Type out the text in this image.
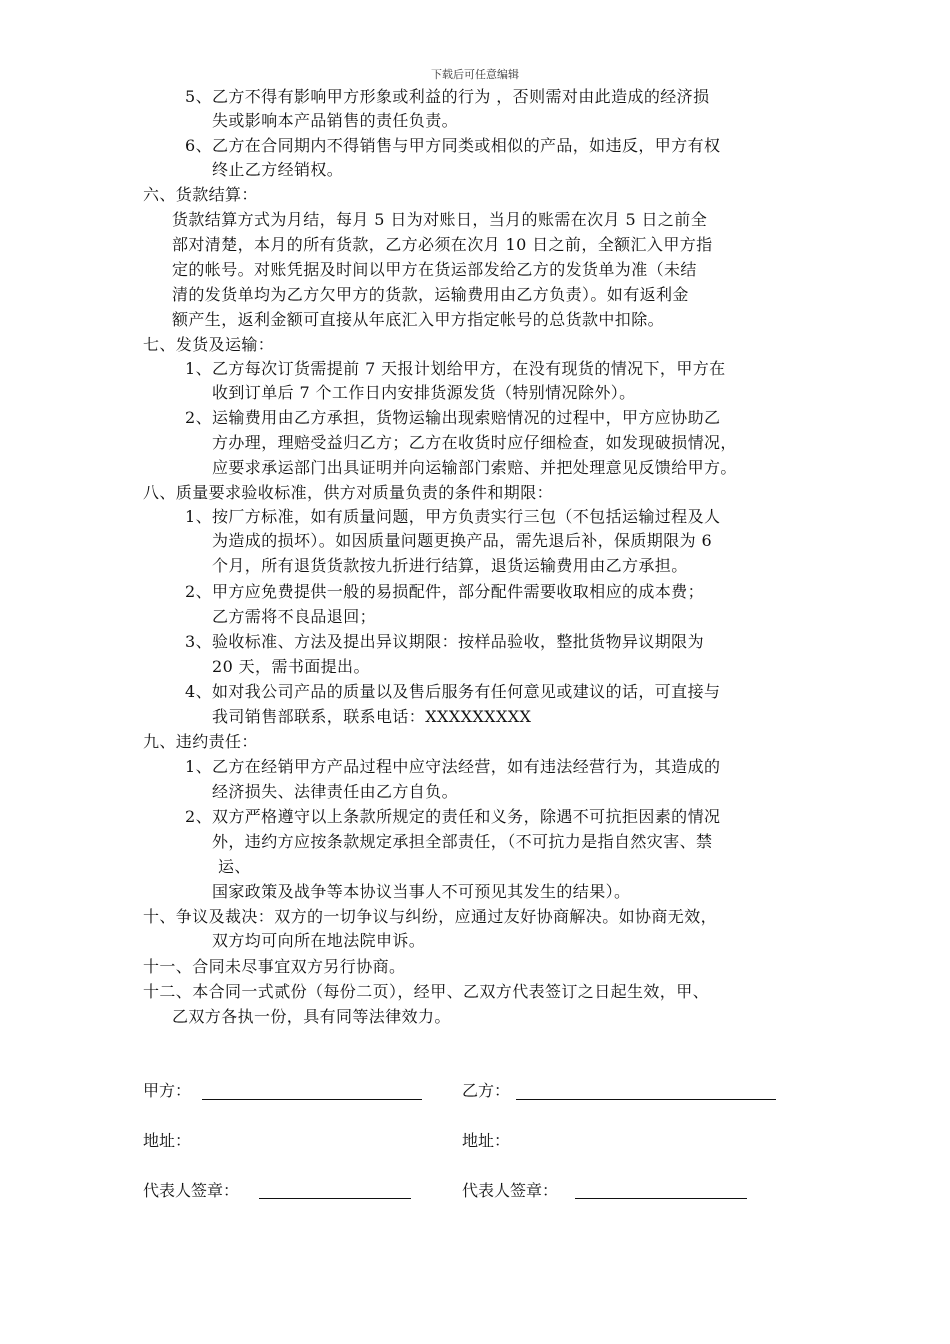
下载后可任意编辑
5、乙方不得有影响甲方形象或利益的行为 ，否则需对由此造成的经济损
失或影响本产品销售的责任负责。
6、乙方在合同期内不得销售与甲方同类或相似的产品，如违反，甲方有权
终止乙方经销权。
六、货款结算：
货款结算方式为月结，每月 5 日为对账日，当月的账需在次月 5 日之前全
部对清楚，本月的所有货款，乙方必须在次月 10 日之前，全额汇入甲方指
定的帐号。对账凭据及时间以甲方在货运部发给乙方的发货单为准（未结
清的发货单均为乙方欠甲方的货款，运输费用由乙方负责）。如有返利金
额产生，返利金额可直接从年底汇入甲方指定帐号的总货款中扣除。
七、发货及运输：
1、乙方每次订货需提前 7 天报计划给甲方，在没有现货的情况下，甲方在
收到订单后 7 个工作日内安排货源发货（特别情况除外）。
2、运输费用由乙方承担，货物运输出现索赔情况的过程中，甲方应协助乙
方办理，理赔受益归乙方；乙方在收货时应仔细检查，如发现破损情况，
应要求承运部门出具证明并向运输部门索赔、并把处理意见反馈给甲方。
八、质量要求验收标准，供方对质量负责的条件和期限：
1、按厂方标准，如有质量问题，甲方负责实行三包（不包括运输过程及人
为造成的损坏）。如因质量问题更换产品，需先退后补，保质期限为 6
个月，所有退货货款按九折进行结算，退货运输费用由乙方承担。
2、甲方应免费提供一般的易损配件，部分配件需要收取相应的成本费；
乙方需将不良品退回；
3、验收标准、方法及提出异议期限：按样品验收，整批货物异议期限为
20 天，需书面提出。
4、如对我公司产品的质量以及售后服务有任何意见或建议的话，可直接与
我司销售部联系，联系电话：XXXXXXXXX
九、违约责任：
1、乙方在经销甲方产品过程中应守法经营，如有违法经营行为，其造成的
经济损失、法律责任由乙方自负。
2、双方严格遵守以上条款所规定的责任和义务，除遇不可抗拒因素的情况
外，违约方应按条款规定承担全部责任，（不可抗力是指自然灾害、禁
运、
国家政策及战争等本协议当事人不可预见其发生的结果）。
十、争议及裁决：双方的一切争议与纠纷，应通过友好协商解决。如协商无效，
双方均可向所在地法院申诉。
十一、合同未尽事宜双方另行协商。
十二、本合同一式贰份（每份二页），经甲、乙双方代表签订之日起生效，甲、
乙双方各执一份，具有同等法律效力。
甲方：	乙方：
地址：	地址：
代表人签章：	代表人签章：
